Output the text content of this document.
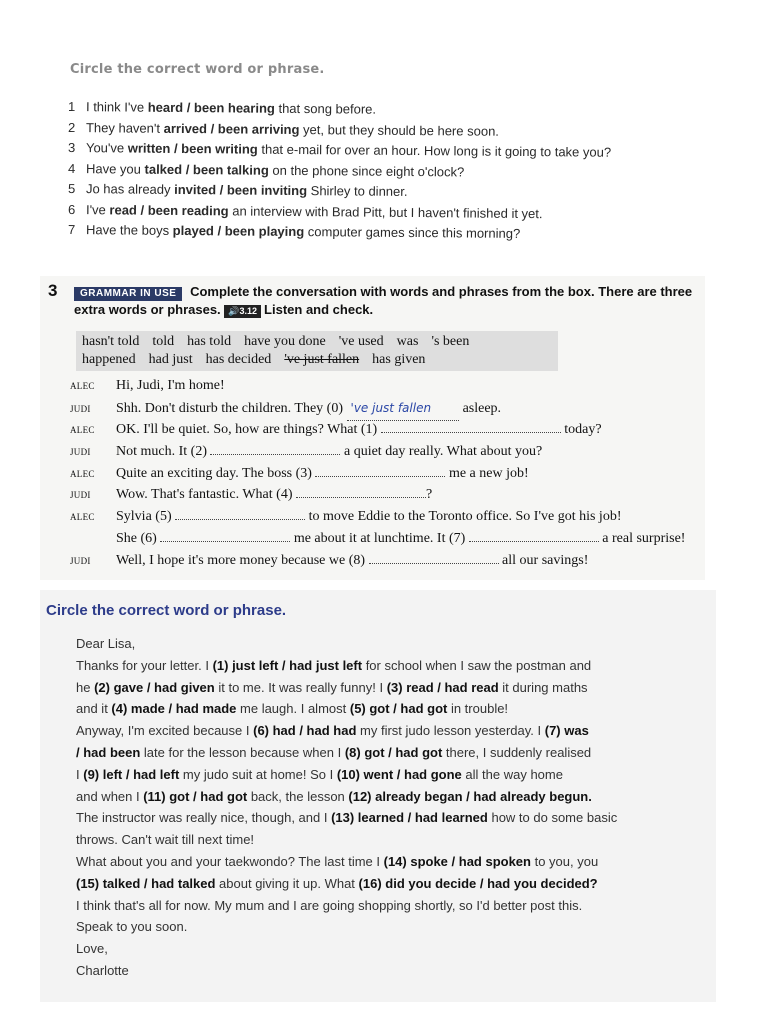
Circle the correct word or phrase.
1 I think I've heard / been hearing that song before.
2 They haven't arrived / been arriving yet, but they should be here soon.
3 You've written / been writing that e-mail for over an hour. How long is it going to take you?
4 Have you talked / been talking on the phone since eight o'clock?
5 Jo has already invited / been inviting Shirley to dinner.
6 I've read / been reading an interview with Brad Pitt, but I haven't finished it yet.
7 Have the boys played / been playing computer games since this morning?
3	GRAMMAR IN USE Complete the conversation with words and phrases from the box. There are three extra words or phrases. 🔊3.12 Listen and check.
hasn't told told has told have you done 've used was 's been
happened had just has decided 've just fallen has given
ALEC Hi, Judi, I'm home!
JUDI Shh. Don't disturb the children. They (0) 've just fallen asleep.
ALEC OK. I'll be quiet. So, how are things? What (1)	today?
JUDI Not much. It (2)	a quiet day really. What about you?
ALEC Quite an exciting day. The boss (3)	me a new job!
JUDI Wow. That's fantastic. What (4)	?
ALEC Sylvia (5)	to move Eddie to the Toronto office. So I've got his job!
She (6)	me about it at lunchtime. It (7)	a real surprise!
JUDI Well, I hope it's more money because we (8)	all our savings!
Circle the correct word or phrase.
Dear Lisa,
Thanks for your letter. I (1) just left / had just left for school when I saw the postman and
he (2) gave / had given it to me. It was really funny! I (3) read / had read it during maths
and it (4) made / had made me laugh. I almost (5) got / had got in trouble!
Anyway, I'm excited because I (6) had / had had my first judo lesson yesterday. I (7) was
/ had been late for the lesson because when I (8) got / had got there, I suddenly realised
I (9) left / had left my judo suit at home! So I (10) went / had gone all the way home
and when I (11) got / had got back, the lesson (12) already began / had already begun.
The instructor was really nice, though, and I (13) learned / had learned how to do some basic
throws. Can't wait till next time!
What about you and your taekwondo? The last time I (14) spoke / had spoken to you, you
(15) talked / had talked about giving it up. What (16) did you decide / had you decided?
I think that's all for now. My mum and I are going shopping shortly, so I'd better post this.
Speak to you soon.
Love,
Charlotte
